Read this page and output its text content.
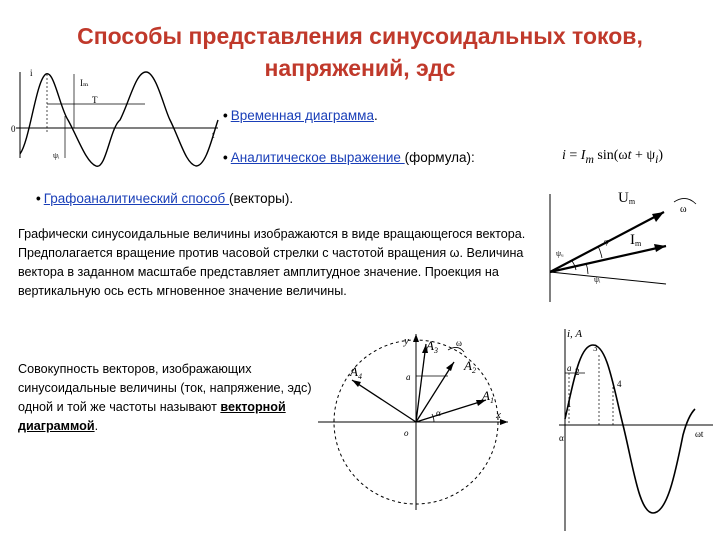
Способы представления синусоидальных токов,
напряжений, эдс
Iₘ
T
i
t
0
ψᵢ
• Временная диаграмма.
• Аналитическое выражение (формула):	$i = I_m$ $\sin(\omega t + \psi_i)$
• Графоаналитический способ (векторы).	Um
Im
ω
φ
ψᵤ
ψᵢ
Графически синусоидальные величины изображаются в виде вращающегося вектора. Предполагается вращение против часовой стрелки с частотой вращения ω. Величина вектора в заданном масштабе представляет амплитудное значение. Проекция на вертикальную ось есть мгновенное значение величины.
Совокупность векторов, изображающих синусоидальные величины (ток, напряжение, эдс) одной и той же частоты называют векторной диаграммой.
y
x
o
a
α
ω
$A_1$
$A_2$
$A_3$
$A_4$
i, A
ωt
α
a
1
2
3
4
